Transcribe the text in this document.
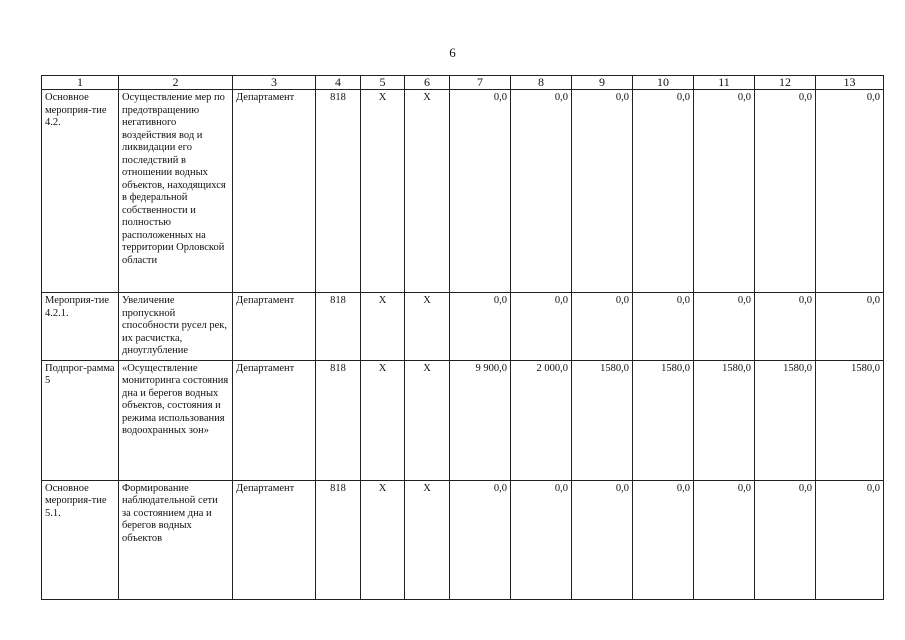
6
1	2	3	4	5	6	7	8	9	10	11	12	13
Основное мероприя-тие 4.2.	Осуществление мер по предотвращению негативного воздействия вод и ликвидации его последствий в отношении водных объектов, находящихся в федеральной собственности и полностью расположенных на территории Орловской области	Департамент	818	Х	Х	0,0	0,0	0,0	0,0	0,0	0,0	0,0
Мероприя-тие 4.2.1.	Увеличение пропускной способности русел рек, их расчистка, дноуглубление	Департамент	818	Х	Х	0,0	0,0	0,0	0,0	0,0	0,0	0,0
Подпрог-рамма 5	«Осуществление мониторинга состояния дна и берегов водных объектов, состояния и режима использования водоохранных зон»	Департамент	818	Х	Х	9 900,0	2 000,0	1580,0	1580,0	1580,0	1580,0	1580,0
Основное мероприя-тие 5.1.	Формирование наблюдательной сети за состоянием дна и берегов водных объектов	Департамент	818	Х	Х	0,0	0,0	0,0	0,0	0,0	0,0	0,0
